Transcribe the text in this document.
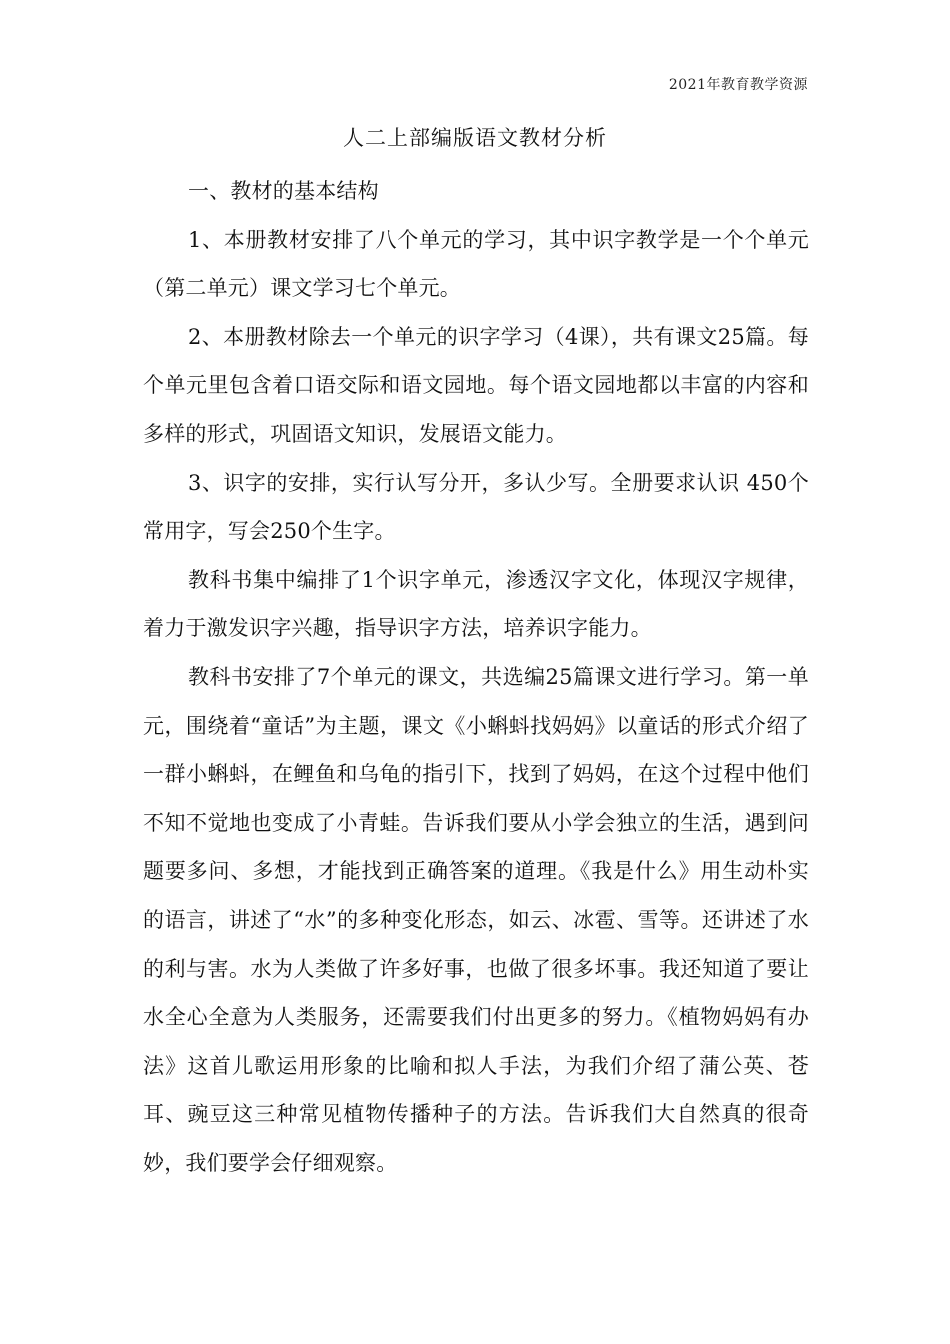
2021年教育教学资源
人二上部编版语文教材分析

一、教材的基本结构

1、本册教材安排了八个单元的学习，其中识字教学是一个个单元（第二单元）课文学习七个单元。

2、本册教材除去一个单元的识字学习（4课），共有课文25篇。每个单元里包含着口语交际和语文园地。每个语文园地都以丰富的内容和多样的形式，巩固语文知识，发展语文能力。

3、识字的安排，实行认写分开，多认少写。全册要求认识 450个常用字，写会250个生字。

教科书集中编排了1个识字单元，渗透汉字文化，体现汉字规律，着力于激发识字兴趣，指导识字方法，培养识字能力。

教科书安排了7个单元的课文，共选编25篇课文进行学习。第一单元，围绕着“童话”为主题，课文《小蝌蚪找妈妈》以童话的形式介绍了一群小蝌蚪，在鲤鱼和乌龟的指引下，找到了妈妈，在这个过程中他们不知不觉地也变成了小青蛙。告诉我们要从小学会独立的生活，遇到问题要多问、多想，才能找到正确答案的道理。《我是什么》用生动朴实的语言，讲述了“水”的多种变化形态，如云、冰雹、雪等。还讲述了水的利与害。水为人类做了许多好事，也做了很多坏事。我还知道了要让水全心全意为人类服务，还需要我们付出更多的努力。《植物妈妈有办法》这首儿歌运用形象的比喻和拟人手法，为我们介绍了蒲公英、苍耳、豌豆这三种常见植物传播种子的方法。告诉我们大自然真的很奇妙，我们要学会仔细观察。
